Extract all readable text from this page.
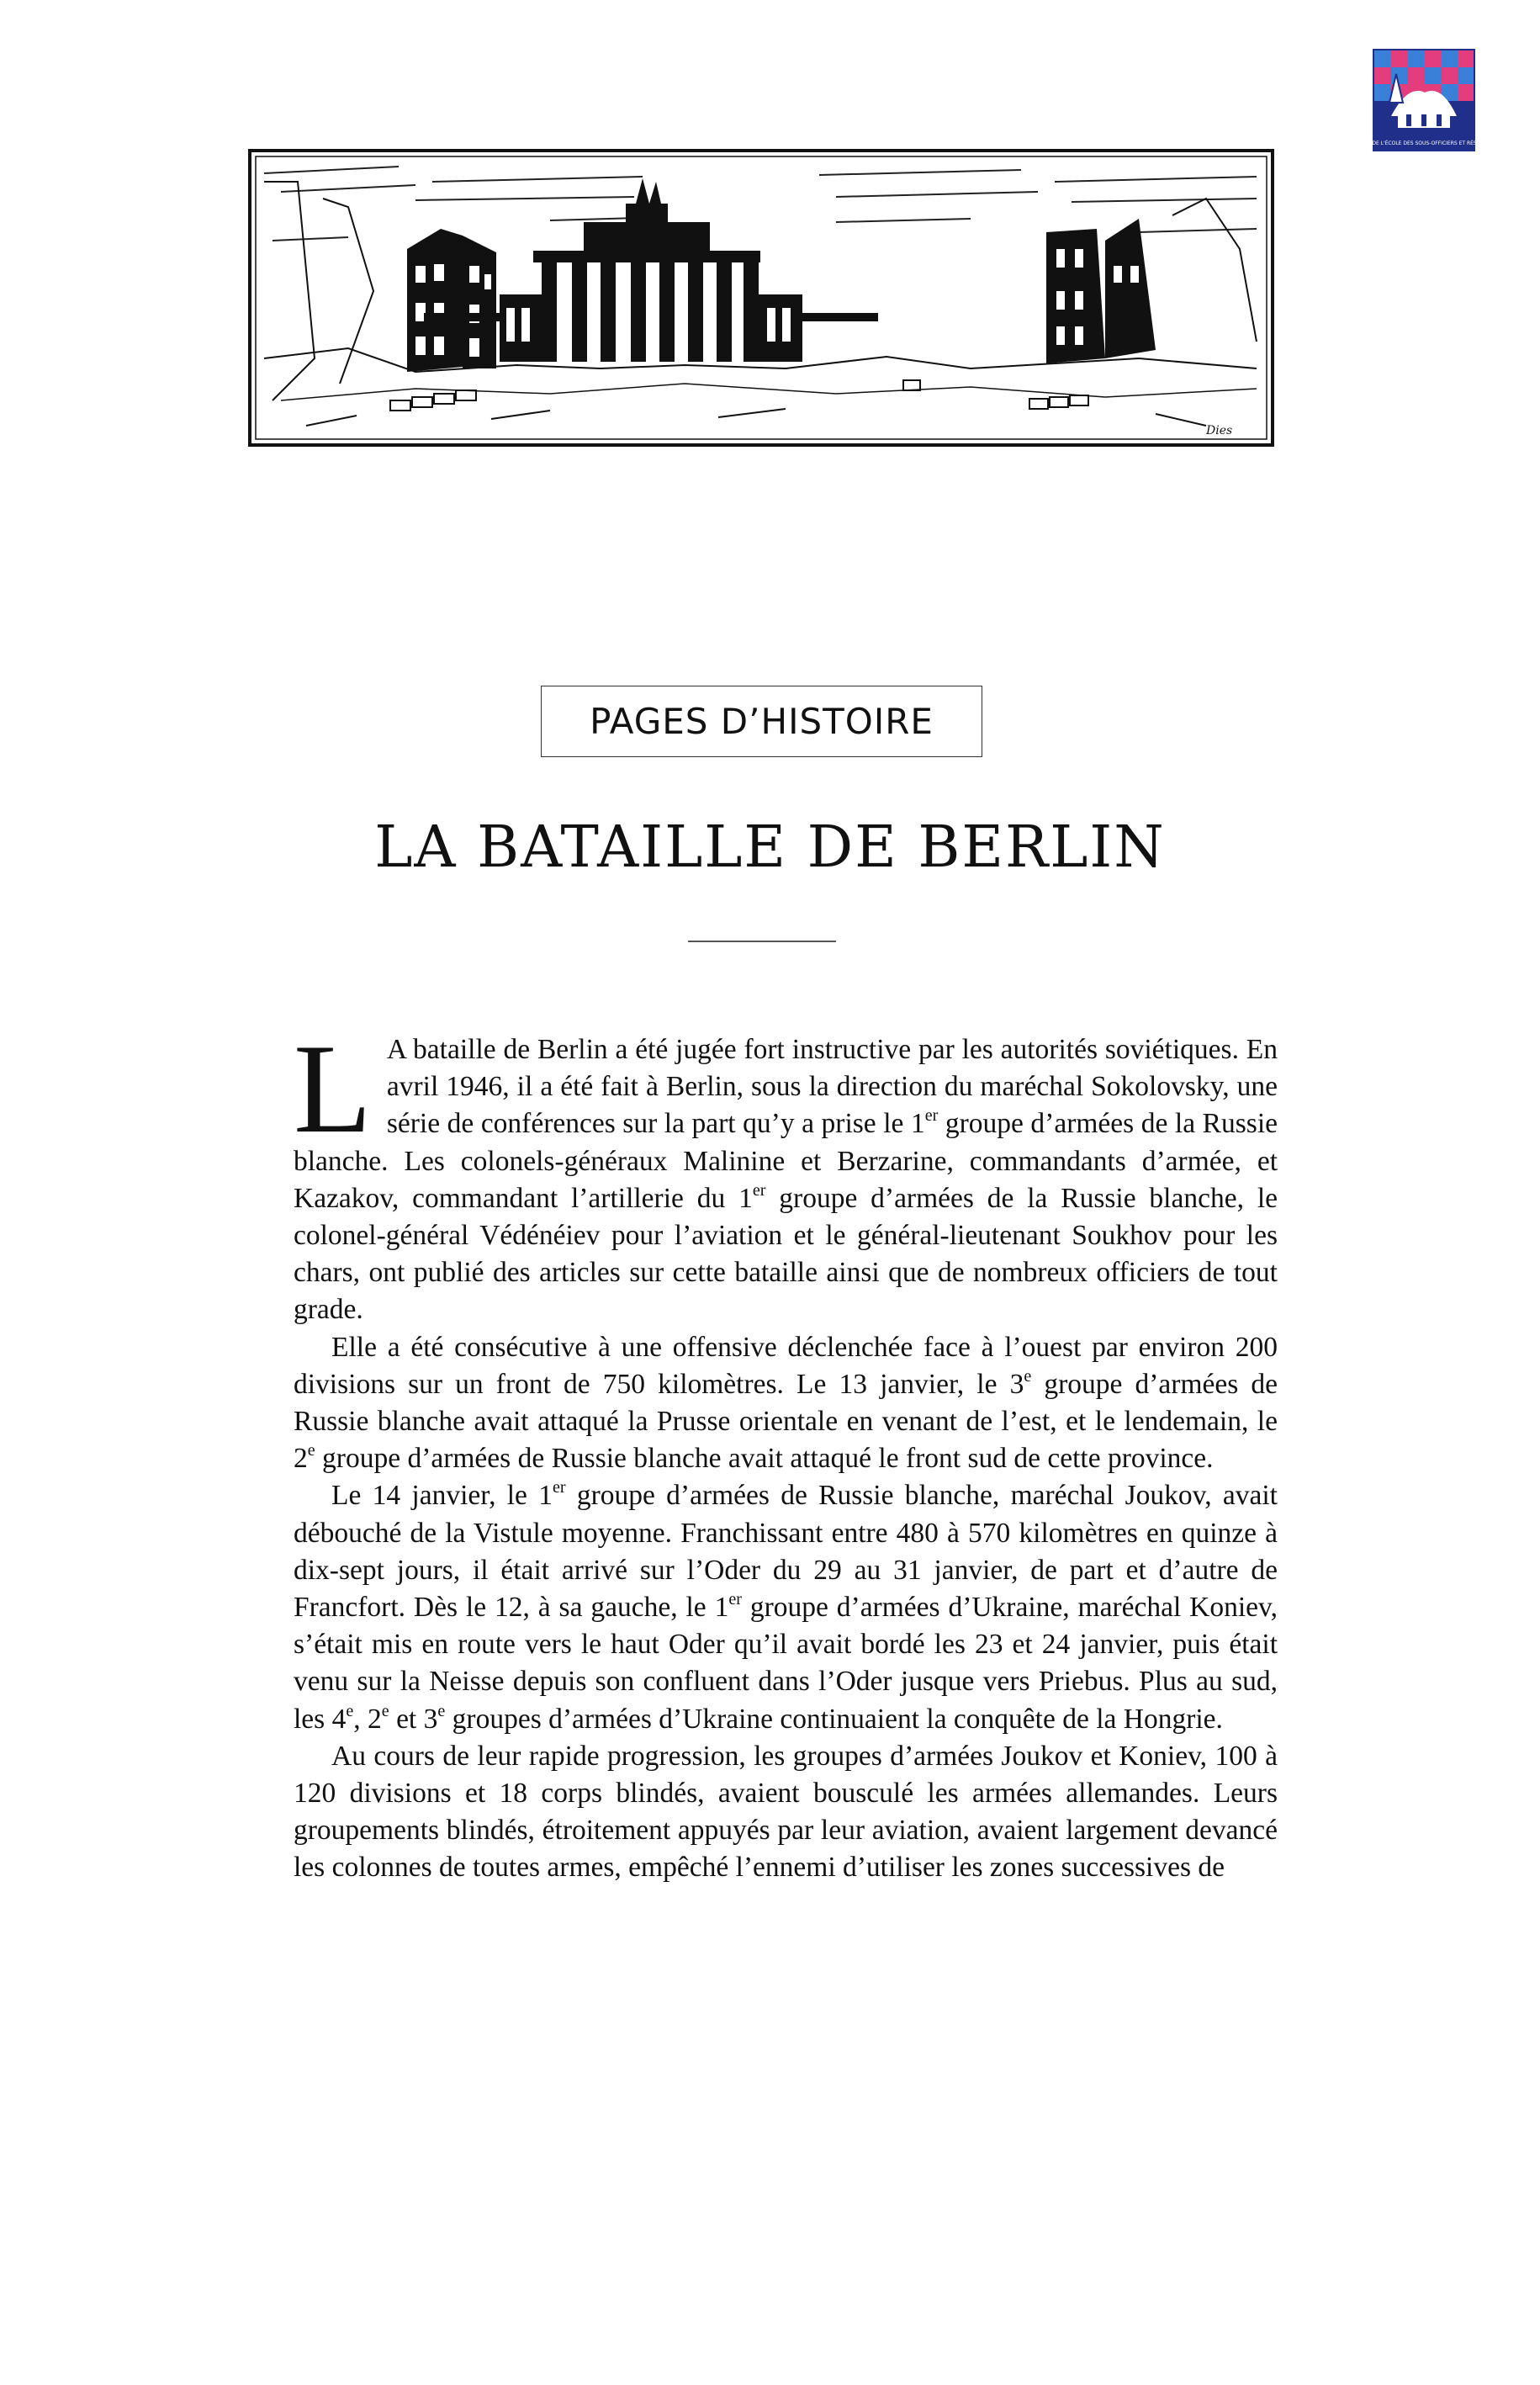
LES AMIS DE L'ÉCOLE DES SOUS-OFFICIERS ET RÉSERVISTES
Dies
PAGES D’HISTOIRE
LA BATAILLE DE BERLIN

L A bataille de Berlin a été jugée fort instructive par les autorités soviétiques. En avril 1946, il a été fait à Berlin, sous la direction du maréchal Sokolovsky, une série de conférences sur la part qu’y a prise le 1er groupe d’armées de la Russie blanche. Les colonels-généraux Malinine et Berzarine, commandants d’armée, et Kazakov, commandant l’artillerie du 1er groupe d’armées de la Russie blanche, le colonel-général Védénéiev pour l’aviation et le général-lieutenant Soukhov pour les chars, ont publié des articles sur cette bataille ainsi que de nombreux officiers de tout grade.

Elle a été consécutive à une offensive déclenchée face à l’ouest par environ 200 divisions sur un front de 750 kilomètres. Le 13 janvier, le 3e groupe d’armées de Russie blanche avait attaqué la Prusse orientale en venant de l’est, et le lendemain, le 2e groupe d’armées de Russie blanche avait attaqué le front sud de cette province.

Le 14 janvier, le 1er groupe d’armées de Russie blanche, maréchal Joukov, avait débouché de la Vistule moyenne. Franchissant entre 480 à 570 kilomètres en quinze à dix-sept jours, il était arrivé sur l’Oder du 29 au 31 janvier, de part et d’autre de Francfort. Dès le 12, à sa gauche, le 1er groupe d’armées d’Ukraine, maréchal Koniev, s’était mis en route vers le haut Oder qu’il avait bordé les 23 et 24 janvier, puis était venu sur la Neisse depuis son confluent dans l’Oder jusque vers Priebus. Plus au sud, les 4e, 2e et 3e groupes d’armées d’Ukraine continuaient la conquête de la Hongrie.

Au cours de leur rapide progression, les groupes d’armées Joukov et Koniev, 100 à 120 divisions et 18 corps blindés, avaient bousculé les armées allemandes. Leurs groupements blindés, étroitement appuyés par leur aviation, avaient largement devancé les colonnes de toutes armes, empêché l’ennemi d’utiliser les zones successives de
